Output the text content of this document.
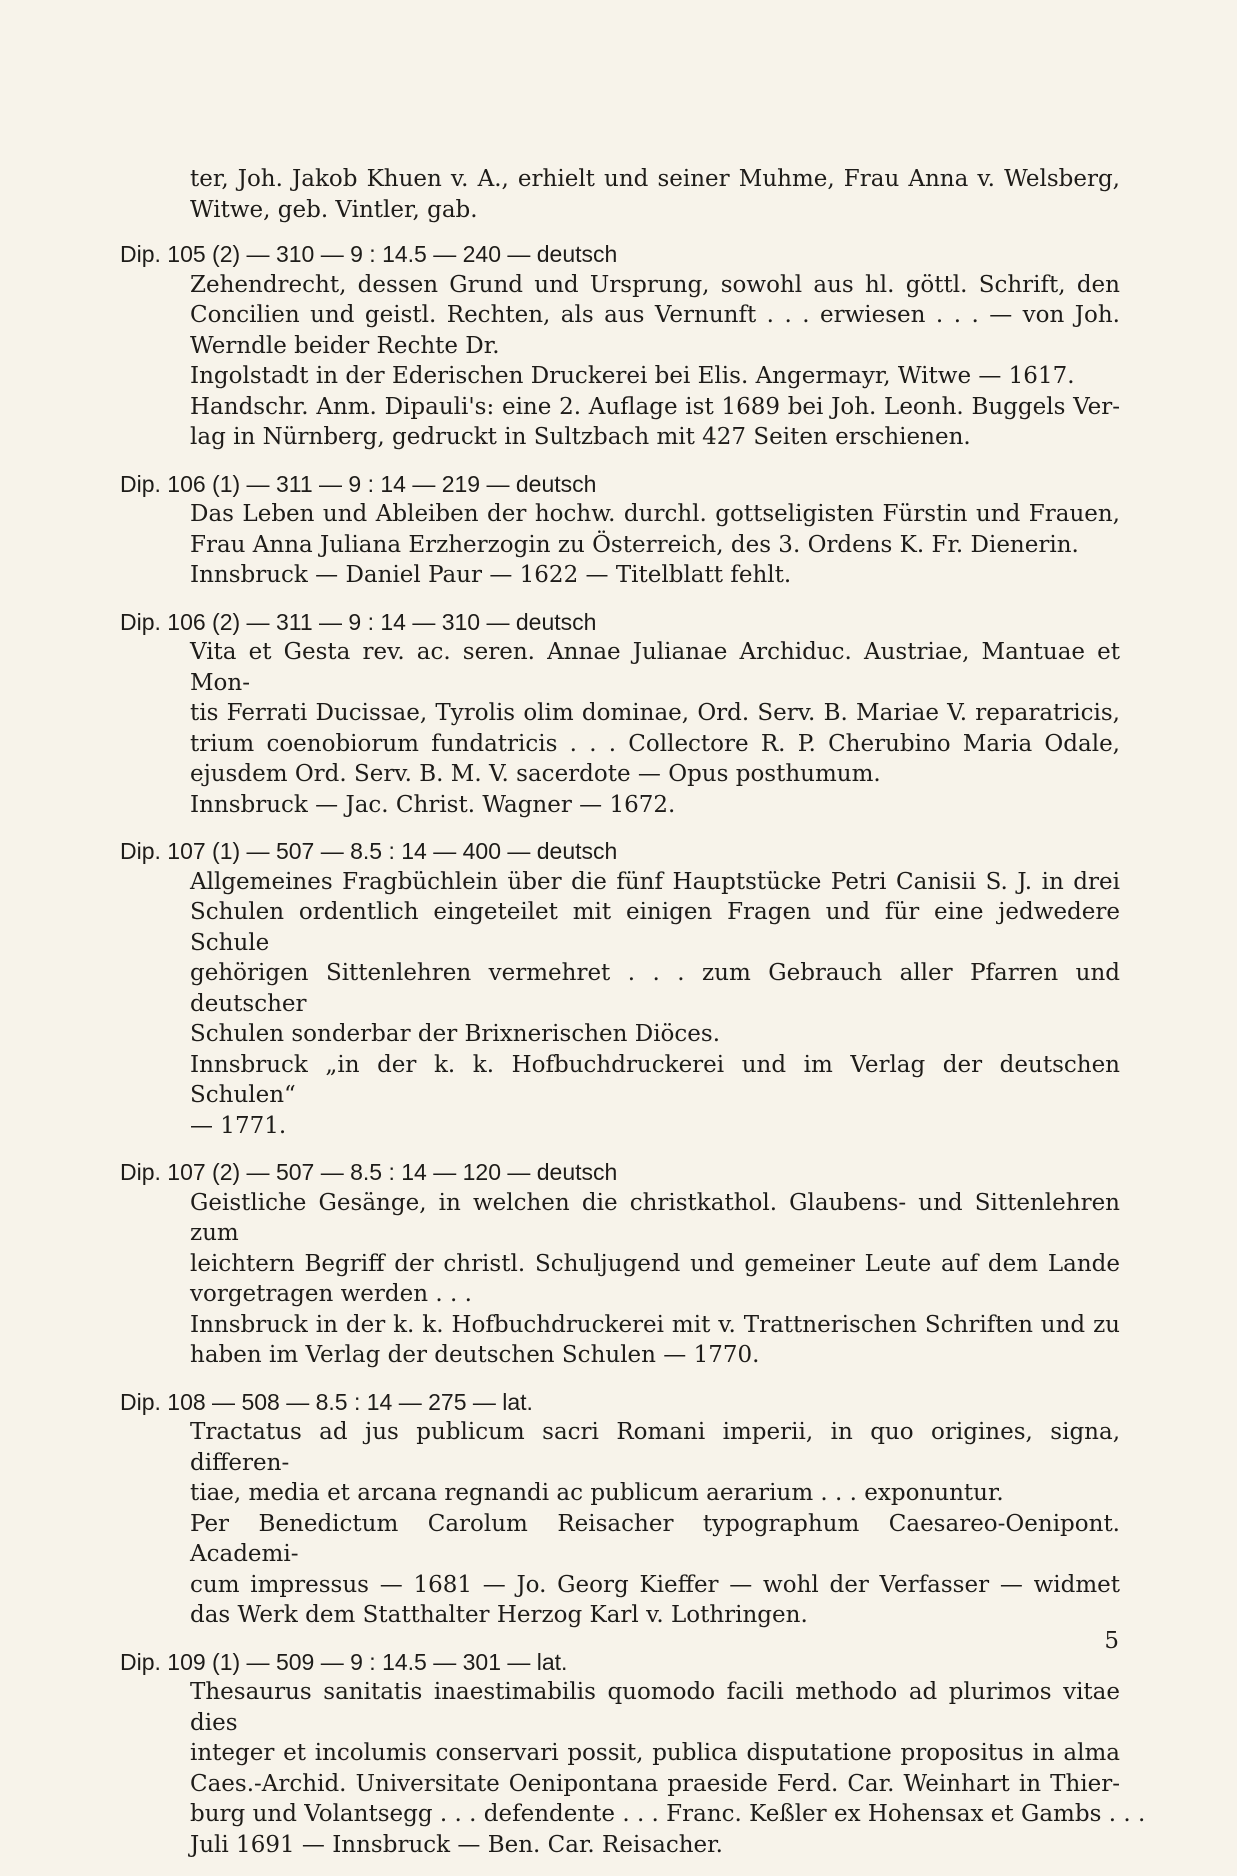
ter, Joh. Jakob Khuen v. A., erhielt und seiner Muhme, Frau Anna v. Welsberg,
Witwe, geb. Vintler, gab.
Dip. 105 (2) — 310 — 9 : 14.5 — 240 — deutsch
Zehendrecht, dessen Grund und Ursprung, sowohl aus hl. göttl. Schrift, den
Concilien und geistl. Rechten, als aus Vernunft . . . erwiesen . . . — von Joh.
Werndle beider Rechte Dr.
Ingolstadt in der Ederischen Druckerei bei Elis. Angermayr, Witwe — 1617.
Handschr. Anm. Dipauli's: eine 2. Auflage ist 1689 bei Joh. Leonh. Buggels Ver-
lag in Nürnberg, gedruckt in Sultzbach mit 427 Seiten erschienen.
Dip. 106 (1) — 311 — 9 : 14 — 219 — deutsch
Das Leben und Ableiben der hochw. durchl. gottseligisten Fürstin und Frauen,
Frau Anna Juliana Erzherzogin zu Österreich, des 3. Ordens K. Fr. Dienerin.
Innsbruck — Daniel Paur — 1622 — Titelblatt fehlt.
Dip. 106 (2) — 311 — 9 : 14 — 310 — deutsch
Vita et Gesta rev. ac. seren. Annae Julianae Archiduc. Austriae, Mantuae et Mon-
tis Ferrati Ducissae, Tyrolis olim dominae, Ord. Serv. B. Mariae V. reparatricis,
trium coenobiorum fundatricis . . . Collectore R. P. Cherubino Maria Odale,
ejusdem Ord. Serv. B. M. V. sacerdote — Opus posthumum.
Innsbruck — Jac. Christ. Wagner — 1672.
Dip. 107 (1) — 507 — 8.5 : 14 — 400 — deutsch
Allgemeines Fragbüchlein über die fünf Hauptstücke Petri Canisii S. J. in drei
Schulen ordentlich eingeteilet mit einigen Fragen und für eine jedwedere Schule
gehörigen Sittenlehren vermehret . . . zum Gebrauch aller Pfarren und deutscher
Schulen sonderbar der Brixnerischen Diöces.
Innsbruck „in der k. k. Hofbuchdruckerei und im Verlag der deutschen Schulen“
— 1771.
Dip. 107 (2) — 507 — 8.5 : 14 — 120 — deutsch
Geistliche Gesänge, in welchen die christkathol. Glaubens- und Sittenlehren zum
leichtern Begriff der christl. Schuljugend und gemeiner Leute auf dem Lande
vorgetragen werden . . .
Innsbruck in der k. k. Hofbuchdruckerei mit v. Trattnerischen Schriften und zu
haben im Verlag der deutschen Schulen — 1770.
Dip. 108 — 508 — 8.5 : 14 — 275 — lat.
Tractatus ad jus publicum sacri Romani imperii, in quo origines, signa, differen-
tiae, media et arcana regnandi ac publicum aerarium . . . exponuntur.
Per Benedictum Carolum Reisacher typographum Caesareo-Oenipont. Academi-
cum impressus — 1681 — Jo. Georg Kieffer — wohl der Verfasser — widmet
das Werk dem Statthalter Herzog Karl v. Lothringen.
Dip. 109 (1) — 509 — 9 : 14.5 — 301 — lat.
Thesaurus sanitatis inaestimabilis quomodo facili methodo ad plurimos vitae dies
integer et incolumis conservari possit, publica disputatione propositus in alma
Caes.-Archid. Universitate Oenipontana praeside Ferd. Car. Weinhart in Thier-
burg und Volantsegg . . . defendente . . . Franc. Keßler ex Hohensax et Gambs . . .
Juli 1691 — Innsbruck — Ben. Car. Reisacher.
5
